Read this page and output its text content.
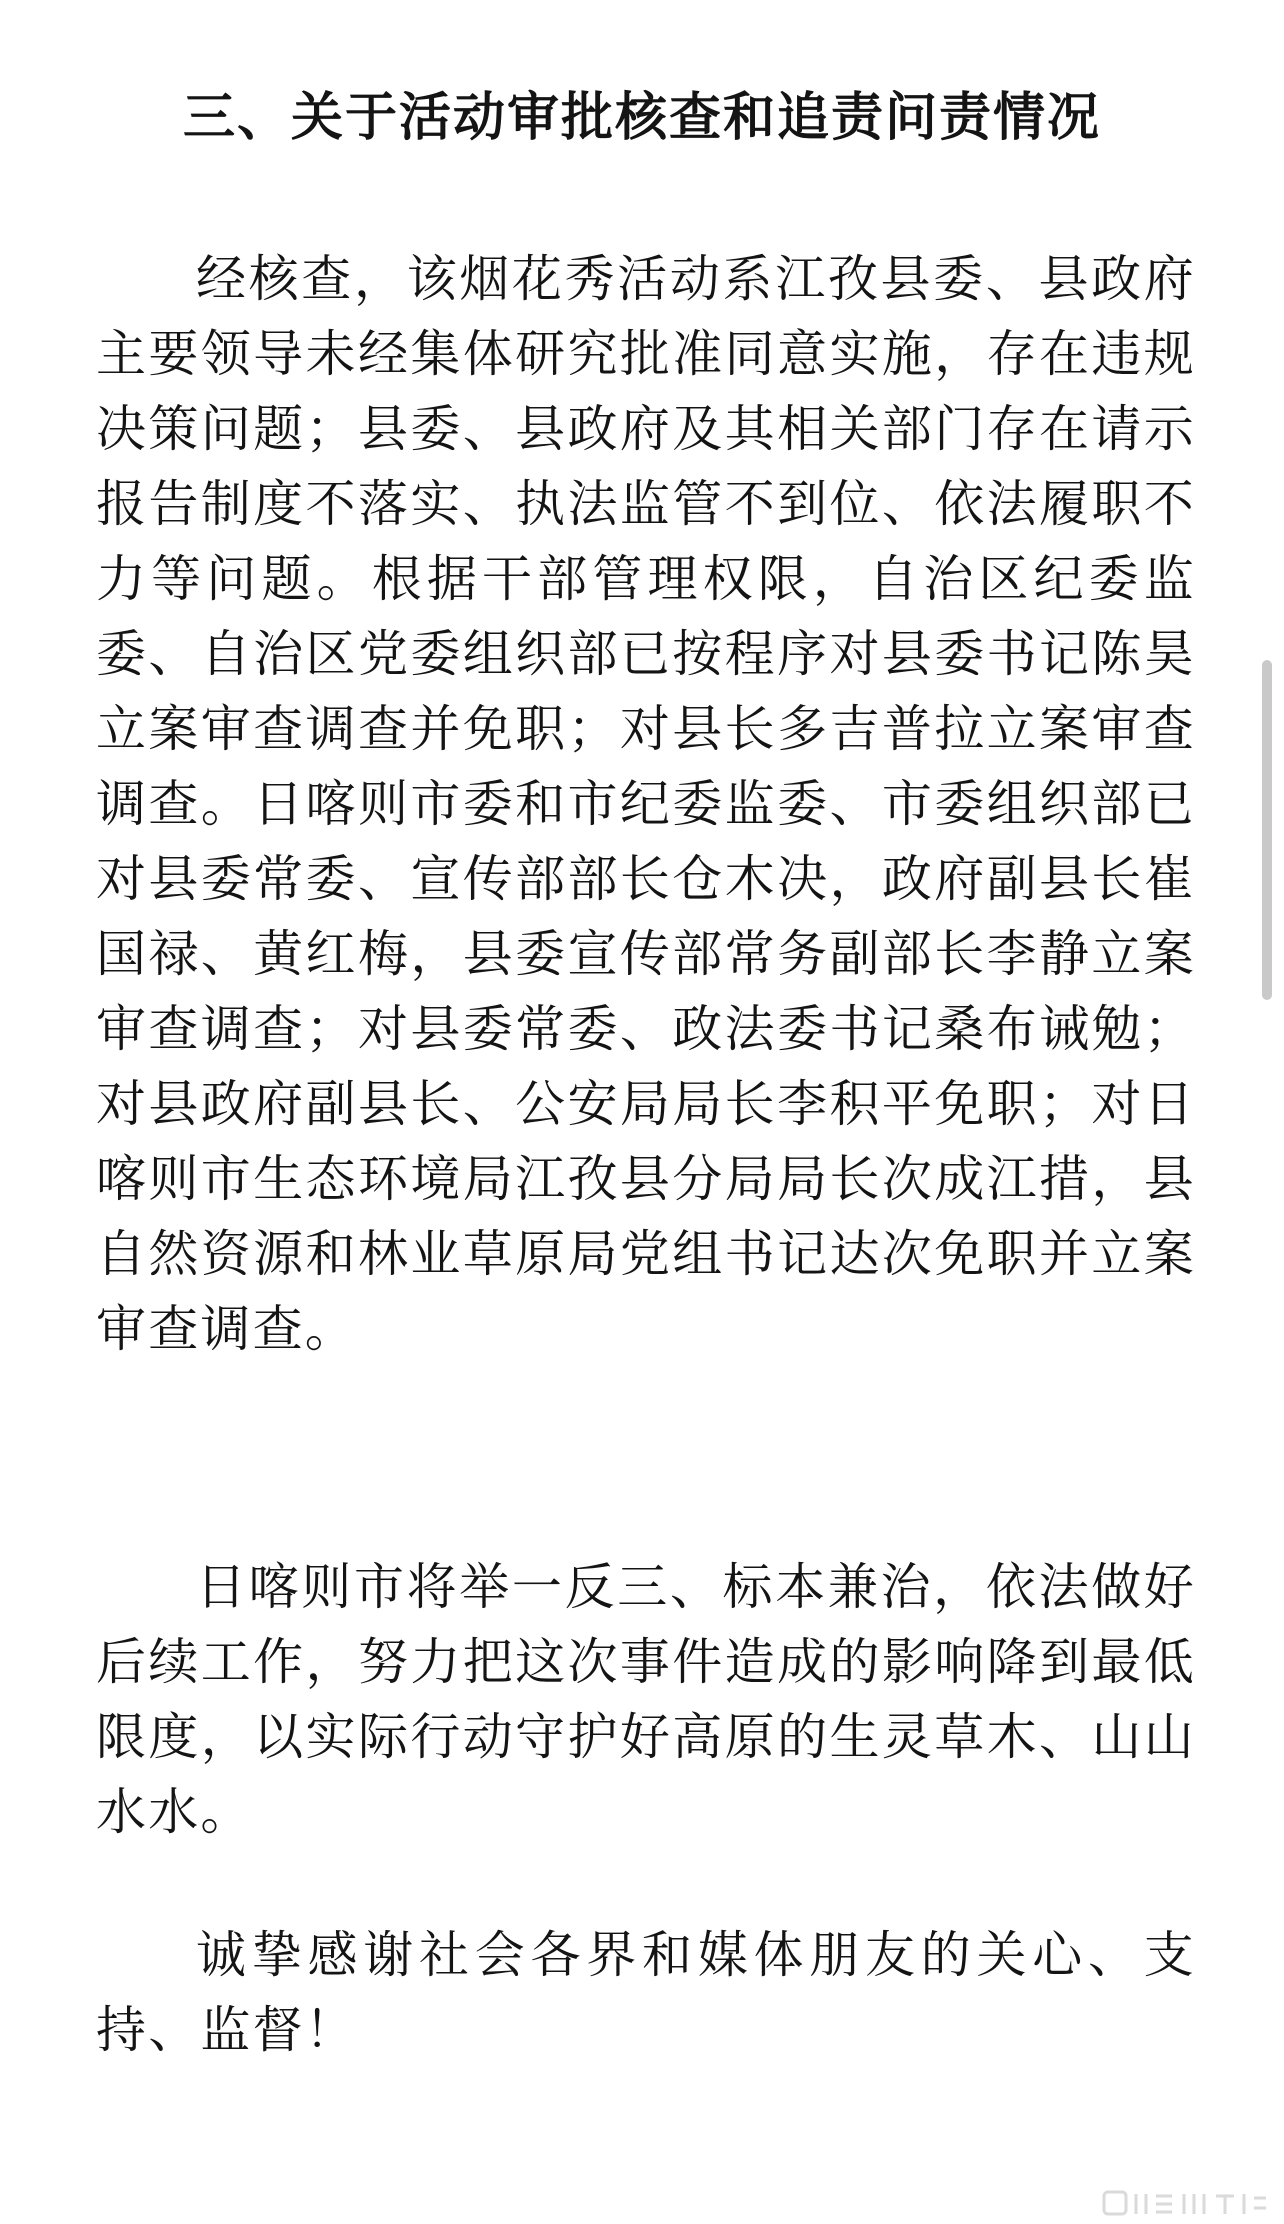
三、关于活动审批核查和追责问责情况

经核查，该烟花秀活动系江孜县委、县政府主要领导未经集体研究批准同意实施，存在违规决策问题；县委、县政府及其相关部门存在请示报告制度不落实、执法监管不到位、依法履职不力等问题。根据干部管理权限，自治区纪委监委、自治区党委组织部已按程序对县委书记陈昊立案审查调查并免职；对县长多吉普拉立案审查调查。日喀则市委和市纪委监委、市委组织部已对县委常委、宣传部部长仓木决，政府副县长崔国禄、黄红梅，县委宣传部常务副部长李静立案审查调查；对县委常委、政法委书记桑布诫勉；对县政府副县长、公安局局长李积平免职；对日喀则市生态环境局江孜县分局局长次成江措，县自然资源和林业草原局党组书记达次免职并立案审查调查。

日喀则市将举一反三、标本兼治，依法做好后续工作，努力把这次事件造成的影响降到最低限度，以实际行动守护好高原的生灵草木、山山水水。

诚挚感谢社会各界和媒体朋友的关心、支持、监督！
